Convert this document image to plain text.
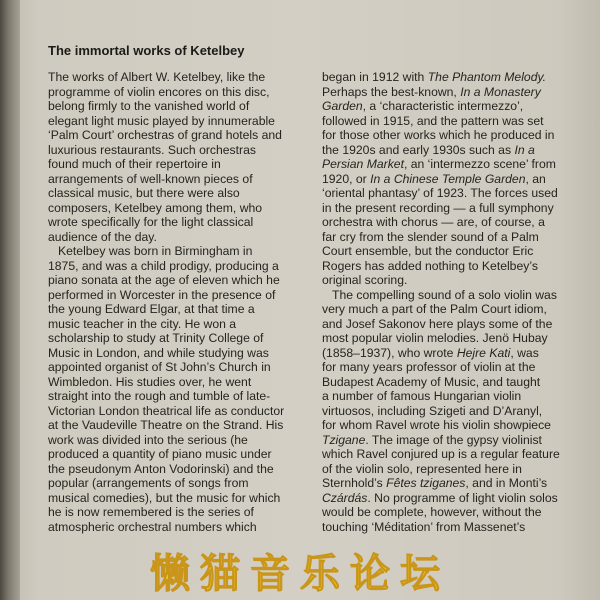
The immortal works of Ketelbey
The works of Albert W. Ketelbey, like the
programme of violin encores on this disc,
belong firmly to the vanished world of
elegant light music played by innumerable
‘Palm Court’ orchestras of grand hotels and
luxurious restaurants. Such orchestras
found much of their repertoire in
arrangements of well-known pieces of
classical music, but there were also
composers, Ketelbey among them, who
wrote specifically for the light classical
audience of the day.
Ketelbey was born in Birmingham in
1875, and was a child prodigy, producing a
piano sonata at the age of eleven which he
performed in Worcester in the presence of
the young Edward Elgar, at that time a
music teacher in the city. He won a
scholarship to study at Trinity College of
Music in London, and while studying was
appointed organist of St John’s Church in
Wimbledon. His studies over, he went
straight into the rough and tumble of late-
Victorian London theatrical life as conductor
at the Vaudeville Theatre on the Strand. His
work was divided into the serious (he
produced a quantity of piano music under
the pseudonym Anton Vodorinski) and the
popular (arrangements of songs from
musical comedies), but the music for which
he is now remembered is the series of
atmospheric orchestral numbers which
began in 1912 with The Phantom Melody.
Perhaps the best-known, In a Monastery
Garden, a ‘characteristic intermezzo’,
followed in 1915, and the pattern was set
for those other works which he produced in
the 1920s and early 1930s such as In a
Persian Market, an ‘intermezzo scene’ from
1920, or In a Chinese Temple Garden, an
‘oriental phantasy’ of 1923. The forces used
in the present recording — a full symphony
orchestra with chorus — are, of course, a
far cry from the slender sound of a Palm
Court ensemble, but the conductor Eric
Rogers has added nothing to Ketelbey’s
original scoring.
The compelling sound of a solo violin was
very much a part of the Palm Court idiom,
and Josef Sakonov here plays some of the
most popular violin melodies. Jenö Hubay
(1858–1937), who wrote Hejre Kati, was
for many years professor of violin at the
Budapest Academy of Music, and taught
a number of famous Hungarian violin
virtuosos, including Szigeti and D’Aranyl,
for whom Ravel wrote his violin showpiece
Tzigane. The image of the gypsy violinist
which Ravel conjured up is a regular feature
of the violin solo, represented here in
Sternhold’s Fêtes tziganes, and in Monti’s
Czárdás. No programme of light violin solos
would be complete, however, without the
touching ‘Méditation’ from Massenet’s
懒猫音乐论坛
